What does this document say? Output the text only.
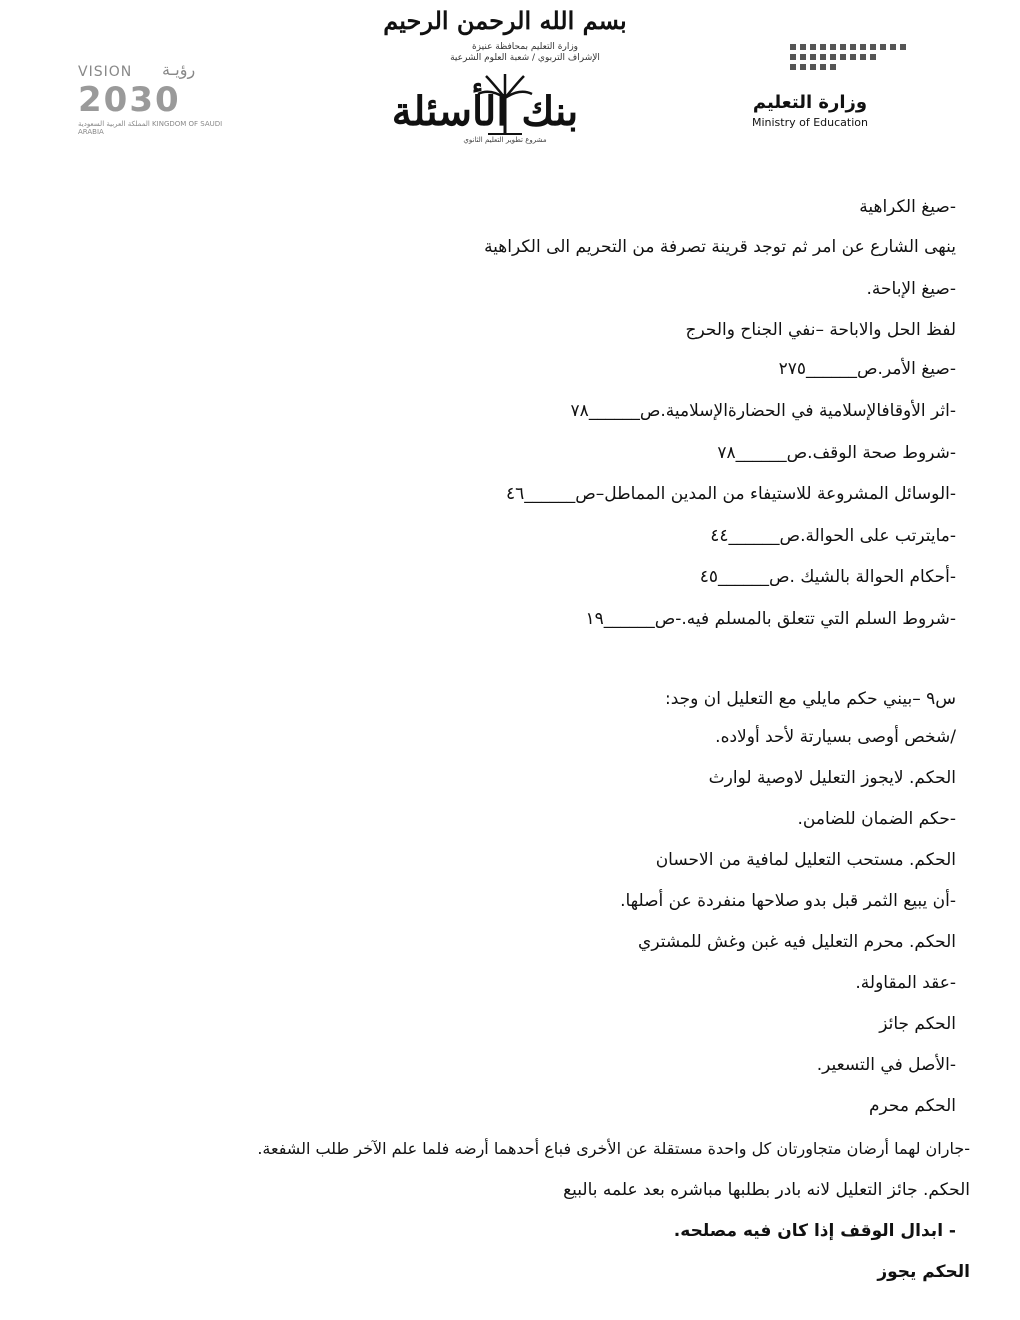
بسم الله الرحمن الرحيم
وزارة التعليم بمحافظة عنيزة
الإشراف التربوي / شعبة العلوم الشرعية
بنك الأسئلة
مشروع تطوير التعليم الثانوي
وزارة التعليم
Ministry of Education
VISION رؤيـة
2030
المملكة العربية السعودية KINGDOM OF SAUDI ARABIA
-صيغ الكراهية
ينهى الشارع عن امر ثم توجد قرينة تصرفة من التحريم الى الكراهية
-صيغ الإباحة.
لفظ الحل والاباحة –نفي الجناح والحرج
-صيغ الأمر.ص______٢٧٥
-اثر الأوقافالإسلامية في الحضارةالإسلامية.ص______٧٨
-شروط صحة الوقف.ص______٧٨
-الوسائل المشروعة للاستيفاء من المدين المماطل–ص______٤٦
-مايترتب على الحوالة.ص______٤٤
-أحكام الحوالة بالشيك .ص______٤٥
-شروط السلم التي تتعلق بالمسلم فيه.-ص______١٩
س٩ –بيني حكم مايلي مع التعليل ان وجد:
/شخص أوصى بسيارتة لأحد أولاده.
الحكم. لايجوز التعليل لاوصية لوارث
-حكم الضمان للضامن.
الحكم. مستحب التعليل لمافية من الاحسان
-أن يبيع الثمر قبل بدو صلاحها منفردة عن أصلها.
الحكم. محرم التعليل فيه غبن وغش للمشتري
-عقد المقاولة.
الحكم جائز
-الأصل في التسعير.
الحكم محرم
-جاران لهما أرضان متجاورتان كل واحدة مستقلة عن الأخرى فباع أحدهما أرضه فلما علم الآخر طلب الشفعة.
الحكم. جائز التعليل لانه بادر بطلبها مباشره بعد علمه بالبيع
- ابدال الوقف إذا كان فيه مصلحه.
الحكم يجوز
